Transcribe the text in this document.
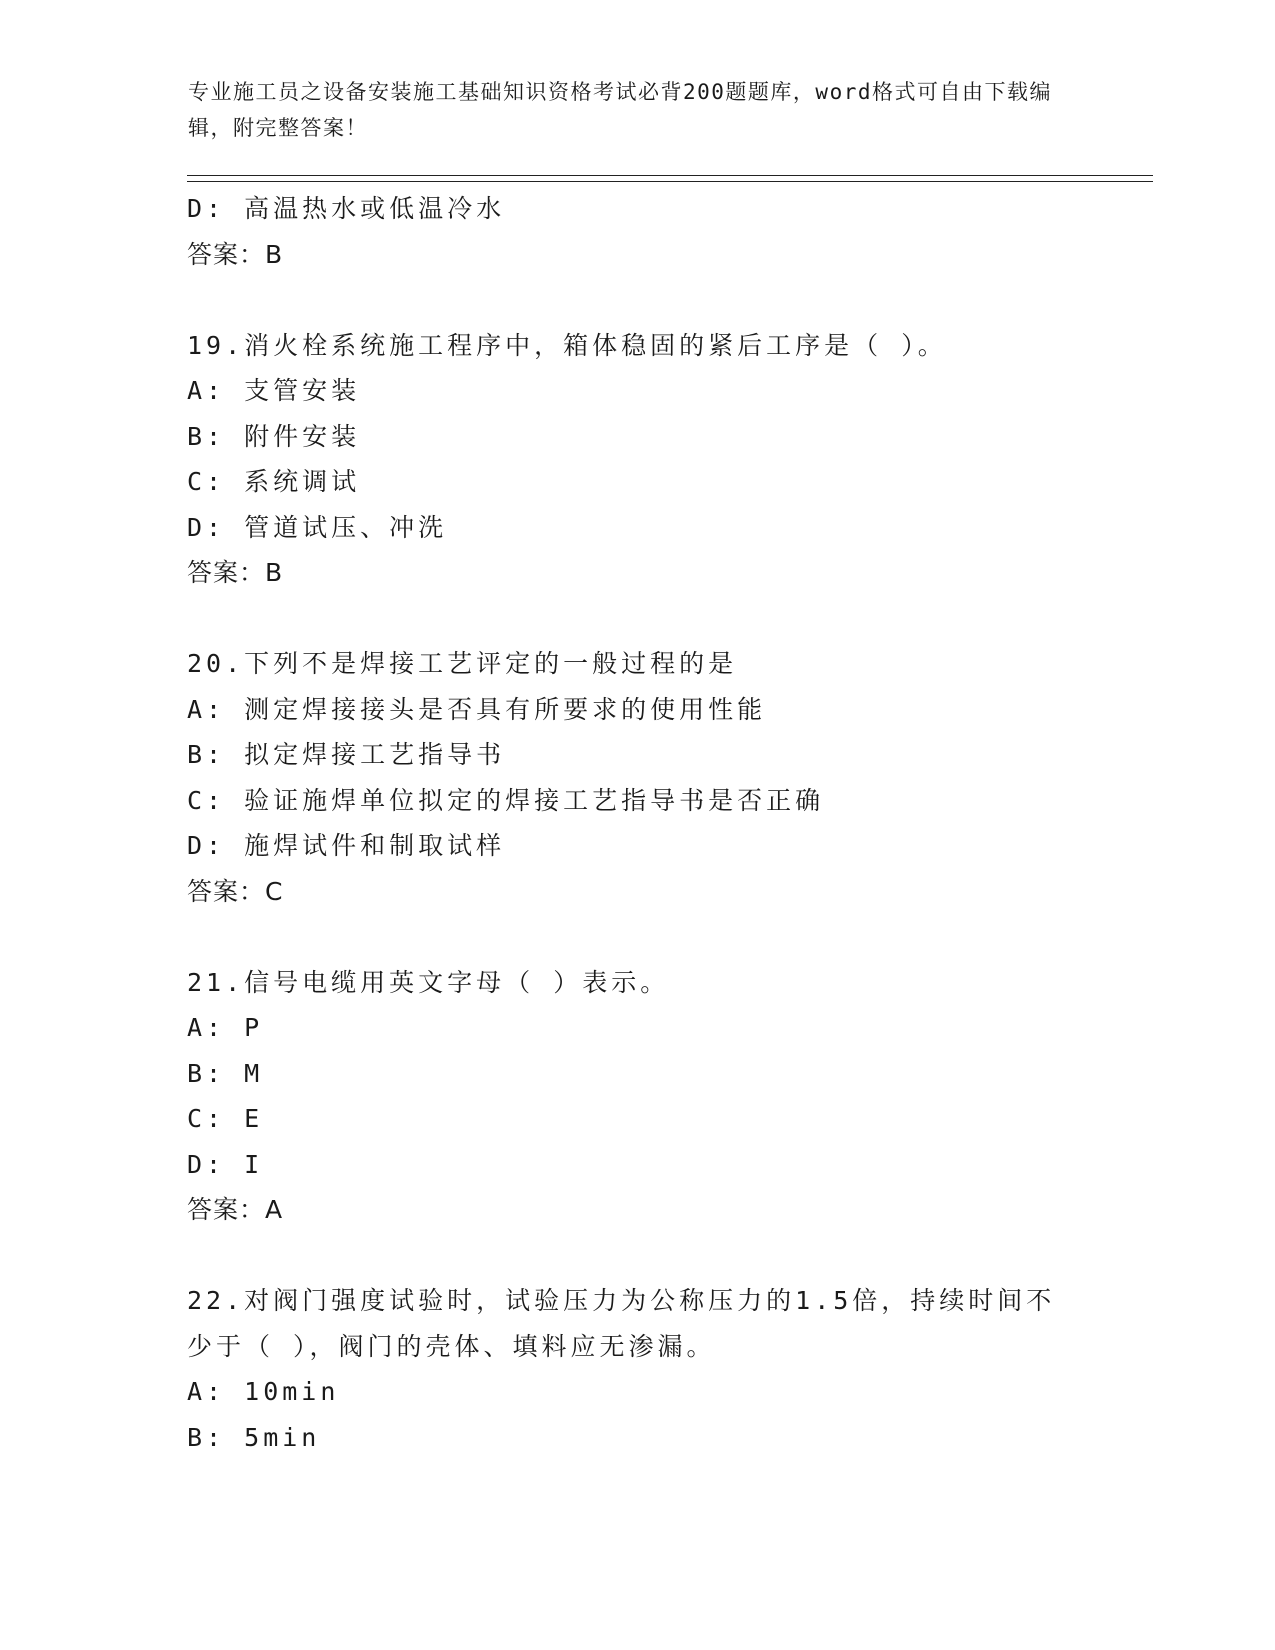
专业施工员之设备安装施工基础知识资格考试必背200题题库，word格式可自由下载编辑，附完整答案！
D: 高温热水或低温冷水
答案：B
19.消火栓系统施工程序中，箱体稳固的紧后工序是（ ）。
A: 支管安装
B: 附件安装
C: 系统调试
D: 管道试压、冲洗
答案：B
20.下列不是焊接工艺评定的一般过程的是
A: 测定焊接接头是否具有所要求的使用性能
B: 拟定焊接工艺指导书
C: 验证施焊单位拟定的焊接工艺指导书是否正确
D: 施焊试件和制取试样
答案：C
21.信号电缆用英文字母（ ）表示。
A: P
B: M
C: E
D: I
答案：A
22.对阀门强度试验时，试验压力为公称压力的1.5倍，持续时间不少于（ ），阀门的壳体、填料应无渗漏。
A: 10min
B: 5min
